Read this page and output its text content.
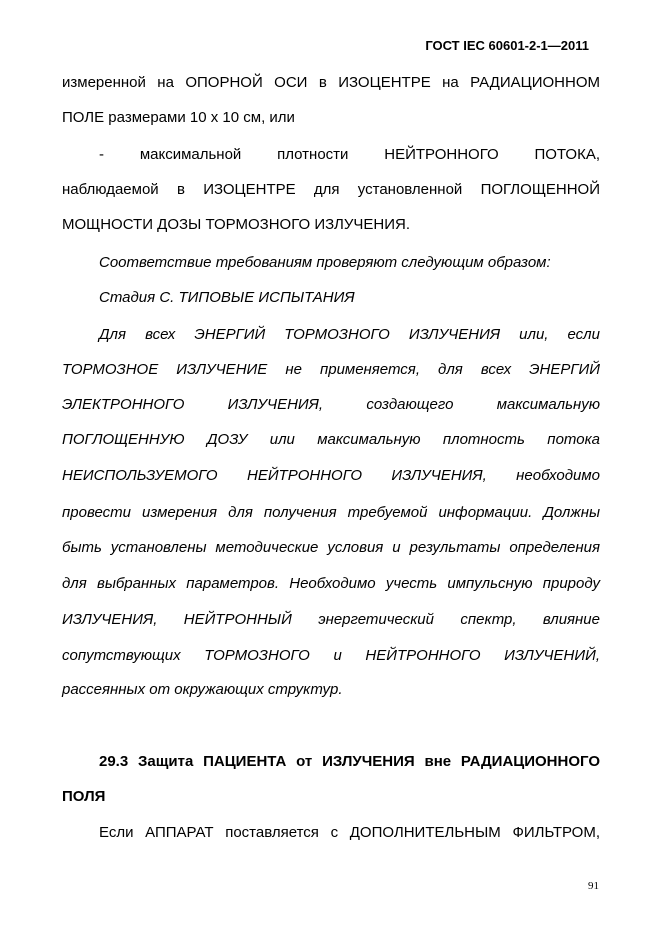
ГОСТ IEC 60601-2-1—2011
измеренной на ОПОРНОЙ ОСИ в ИЗОЦЕНТРЕ на РАДИАЦИОННОМ
ПОЛЕ размерами 10 x 10 см, или
- максимальной плотности НЕЙТРОННОГО ПОТОКА,
наблюдаемой в ИЗОЦЕНТРЕ для установленной ПОГЛОЩЕННОЙ
МОЩНОСТИ ДОЗЫ ТОРМОЗНОГО ИЗЛУЧЕНИЯ.
Соответствие требованиям проверяют следующим образом:
Стадия С. ТИПОВЫЕ ИСПЫТАНИЯ
Для всех ЭНЕРГИЙ ТОРМОЗНОГО ИЗЛУЧЕНИЯ или, если
ТОРМОЗНОЕ ИЗЛУЧЕНИЕ не применяется, для всех ЭНЕРГИЙ
ЭЛЕКТРОННОГО ИЗЛУЧЕНИЯ, создающего максимальную
ПОГЛОЩЕННУЮ ДОЗУ или максимальную плотность потока
НЕИСПОЛЬЗУЕМОГО НЕЙТРОННОГО ИЗЛУЧЕНИЯ, необходимо
провести измерения для получения требуемой информации. Должны
быть установлены методические условия и результаты определения
для выбранных параметров. Необходимо учесть импульсную природу
ИЗЛУЧЕНИЯ, НЕЙТРОННЫЙ энергетический спектр, влияние
сопутствующих ТОРМОЗНОГО и НЕЙТРОННОГО ИЗЛУЧЕНИЙ,
рассеянных от окружающих структур.
29.3 Защита ПАЦИЕНТА от ИЗЛУЧЕНИЯ вне РАДИАЦИОННОГО
ПОЛЯ
Если АППАРАТ поставляется с ДОПОЛНИТЕЛЬНЫМ ФИЛЬТРОМ,
91
